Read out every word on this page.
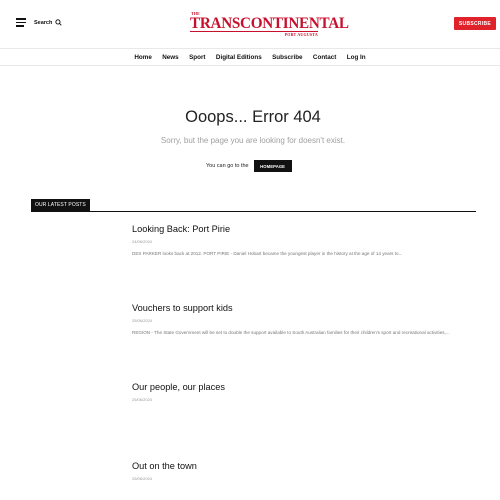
Search
THE
TRANSCONTINENTAL
PORT AUGUSTA
SUBSCRIBE
Home	News	Sport	Digital Editions	Subscribe	Contact	Log In
Ooops... Error 404
Sorry, but the page you are looking for doesn't exist.
You can go to the	HOMEPAGE
OUR LATEST POSTS
Looking Back: Port Pirie
24/06/2024
DES PARKER looks back at 2012. PORT PIRIE - Daniel Hobart became the youngest player in the history at the age of 14 years to...
Vouchers to support kids
25/06/2024
REGION - The State Government will be set to double the support available to South Australian families for their children's sport and recreational activities,...
Our people, our places
25/06/2024
Out on the town
25/06/2024
